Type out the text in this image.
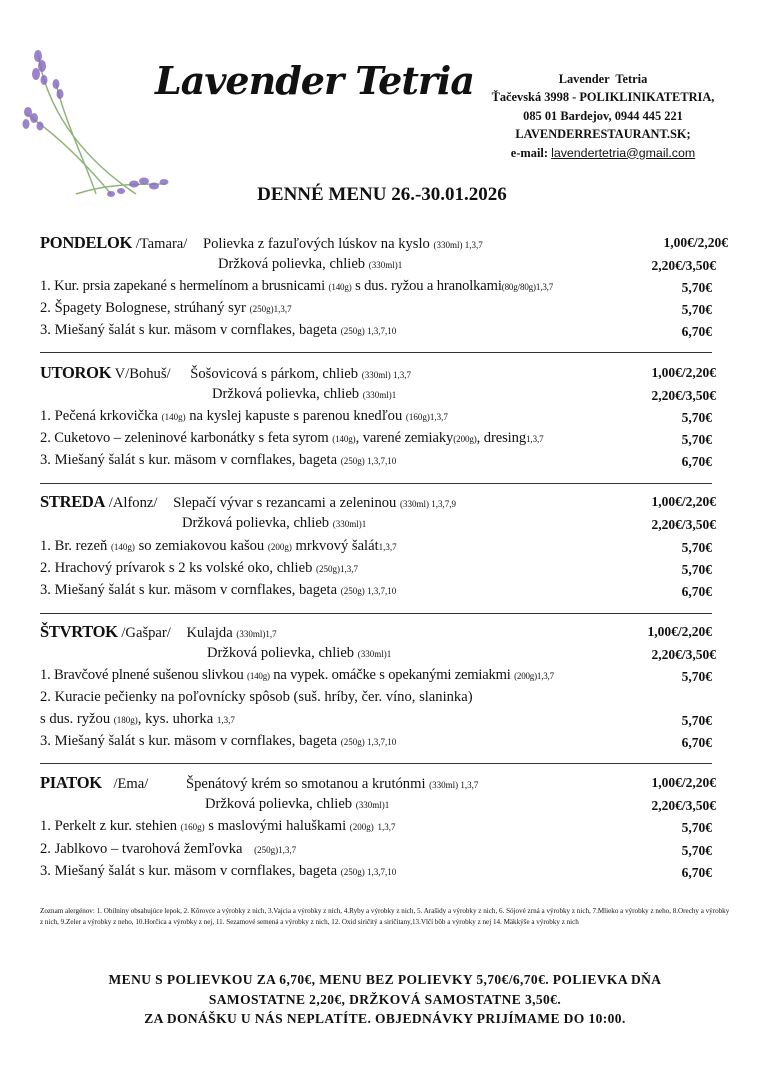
Lavender Tetria	Lavender  Tetria
Ťačevská 3998 - POLIKLINIKATETRIA,
085 01 Bardejov, 0944 445 221
LAVENDERRESTAURANT.SK;
e-mail: lavendertetria@gmail.com
DENNÉ MENU 26.-30.01.2026
PONDELOK /Tamara/ Polievka z fazuľových lúskov na kyslo (330ml) 1,3,7	1,00€/2,20€
Držková polievka, chlieb (330ml)1	2,20€/3,50€
1. Kur. prsia zapekané s hermelínom a brusnicami (140g) s dus. ryžou a hranolkami(80g/80g)1,3,7	5,70€
2. Špagety Bolognese, strúhaný syr (250g)1,3,7	5,70€
3. Miešaný šalát s kur. mäsom v cornflakes, bageta (250g) 1,3,7,10	6,70€
UTOROK V/Bohuš/ Šošovicová s párkom, chlieb (330ml) 1,3,7	1,00€/2,20€
Držková polievka, chlieb (330ml)1	2,20€/3,50€
1. Pečená krkovička (140g) na kyslej kapuste s parenou knedľou (160g)1,3,7	5,70€
2. Cuketovo – zeleninové karbonátky s feta syrom (140g), varené zemiaky(200g), dresing1,3,7	5,70€
3. Miešaný šalát s kur. mäsom v cornflakes, bageta (250g) 1,3,7,10	6,70€
STREDA /Alfonz/ Slepačí vývar s rezancami a zeleninou (330ml) 1,3,7,9	1,00€/2,20€
Držková polievka, chlieb (330ml)1	2,20€/3,50€
1. Br. rezeň (140g) so zemiakovou kašou (200g) mrkvový šalát1,3,7	5,70€
2. Hrachový prívarok s 2 ks volské oko, chlieb (250g)1,3,7	5,70€
3. Miešaný šalát s kur. mäsom v cornflakes, bageta (250g) 1,3,7,10	6,70€
ŠTVRTOK /Gašpar/ Kulajda (330ml)1,7	1,00€/2,20€
Držková polievka, chlieb (330ml)1	2,20€/3,50€
1. Bravčové plnené sušenou slivkou (140g) na vypek. omáčke s opekanými zemiakmi (200g)1,3,7	5,70€
2. Kuracie pečienky na poľovnícky spôsob (suš. hríby, čer. víno, slaninka)
s dus. ryžou (180g), kys. uhorka 1,3,7	5,70€
3. Miešaný šalát s kur. mäsom v cornflakes, bageta (250g) 1,3,7,10	6,70€
PIATOK /Ema/	Špenátový krém so smotanou a krutónmi (330ml) 1,3,7	1,00€/2,20€
Držková polievka, chlieb (330ml)1	2,20€/3,50€
1. Perkelt z kur. stehien (160g) s maslovými haluškami (200g) 1,3,7	5,70€
2. Jablkovo – tvarohová žemľovka (250g)1,3,7	5,70€
3. Miešaný šalát s kur. mäsom v cornflakes, bageta (250g) 1,3,7,10	6,70€
Zoznam alergénov: 1. Obilniny obsahujúce lepok, 2. Kôrovce a výrobky z nich, 3.Vajcia a výrobky z nich, 4.Ryby a výrobky z nich, 5. Arašidy a výrobky z nich, 6. Sójové zrná a výrobky z nich, 7.Mlieko a výrobky z neho, 8.Orechy a výrobky z nich, 9.Zeler a výrobky z neho, 10.Horčica a výrobky z nej, 11. Sezamové semená a výrobky z nich, 12. Oxid siričitý a siričitany,13.Vlčí bôb a výrobky z nej 14. Mäkkýše a výrobky z nich
MENU S POLIEVKOU ZA 6,70€, MENU BEZ POLIEVKY 5,70€/6,70€. POLIEVKA DŇA
SAMOSTATNE 2,20€, DRŽKOVÁ SAMOSTATNE 3,50€.
ZA DONÁŠKU U NÁS NEPLATÍTE. OBJEDNÁVKY PRIJÍMAME DO 10:00.
